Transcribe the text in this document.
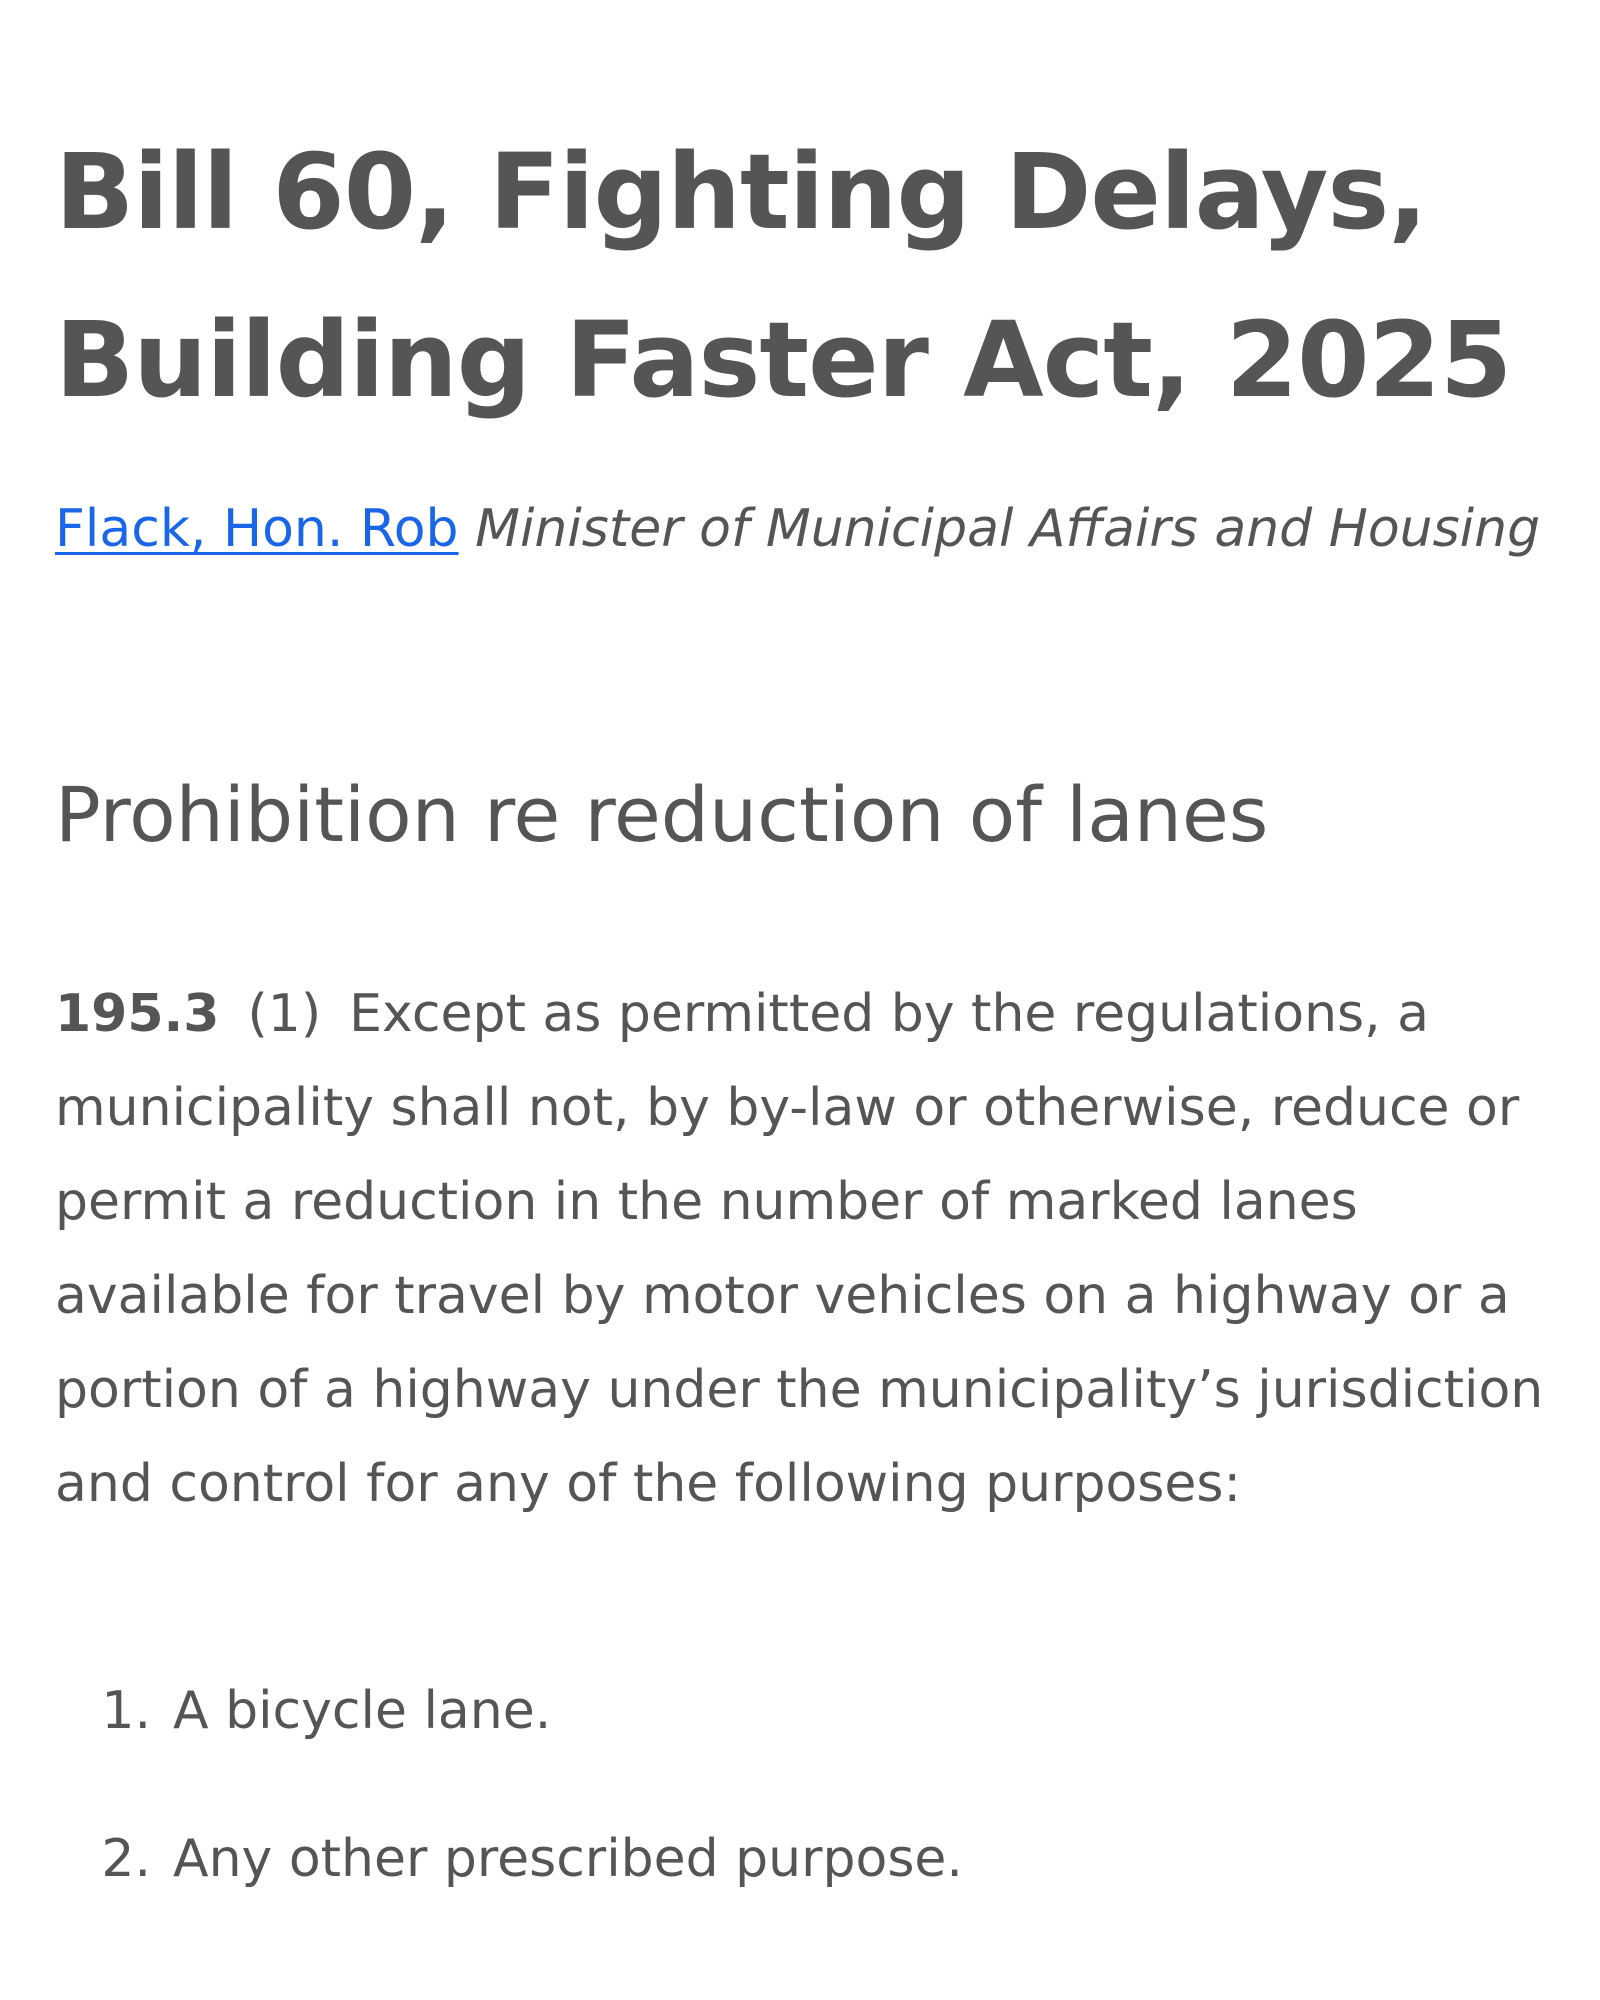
Bill 60, Fighting Delays,
Building Faster Act, 2025
Flack, Hon. Rob Minister of Municipal Affairs and Housing
Prohibition re reduction of lanes

195.3 (1) Except as permitted by the regulations, a municipality shall not, by by-law or otherwise, reduce or permit a reduction in the number of marked lanes available for travel by motor vehicles on a highway or a portion of a highway under the municipality’s jurisdiction and control for any of the following purposes:

1. A bicycle lane.
2. Any other prescribed purpose.
